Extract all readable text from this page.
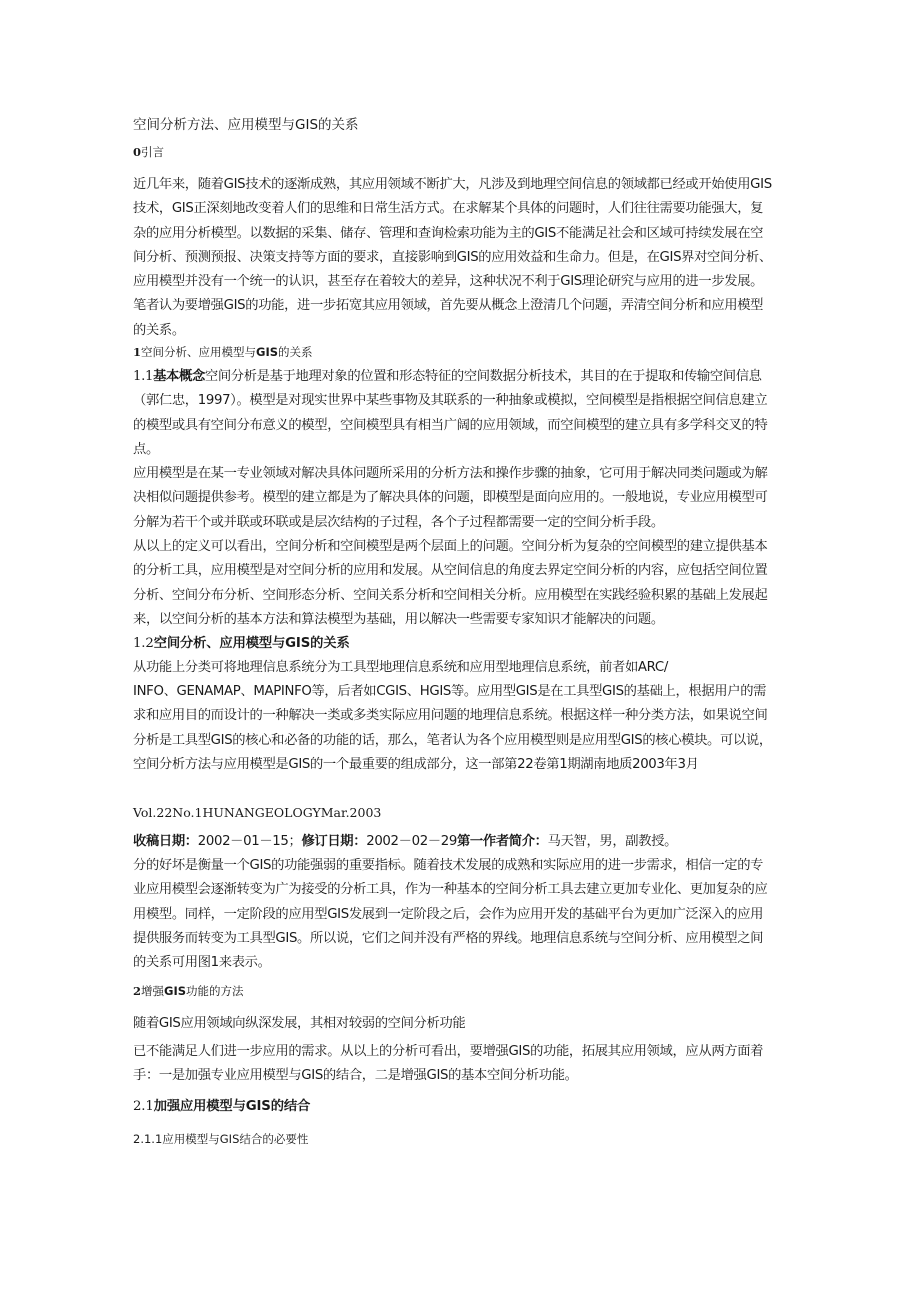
空间分析方法、应用模型与GIS的关系

0引言

近几年来，随着GIS技术的逐渐成熟，其应用领域不断扩大，凡涉及到地理空间信息的领域都已经或开始使用GIS技术，GIS正深刻地改变着人们的思维和日常生活方式。在求解某个具体的问题时，人们往往需要功能强大，复杂的应用分析模型。以数据的采集、储存、管理和查询检索功能为主的GIS不能满足社会和区域可持续发展在空间分析、预测预报、决策支持等方面的要求，直接影响到GIS的应用效益和生命力。但是，在GIS界对空间分析、应用模型并没有一个统一的认识，甚至存在着较大的差异，这种状况不利于GIS理论研究与应用的进一步发展。笔者认为要增强GIS的功能，进一步拓宽其应用领域，首先要从概念上澄清几个问题，弄清空间分析和应用模型的关系。

1空间分析、应用模型与GIS的关系

1.1基本概念空间分析是基于地理对象的位置和形态特征的空间数据分析技术，其目的在于提取和传输空间信息（郭仁忠，1997）。模型是对现实世界中某些事物及其联系的一种抽象或模拟，空间模型是指根据空间信息建立的模型或具有空间分布意义的模型，空间模型具有相当广阔的应用领域，而空间模型的建立具有多学科交叉的特点。

应用模型是在某一专业领域对解决具体问题所采用的分析方法和操作步骤的抽象，它可用于解决同类问题或为解决相似问题提供参考。模型的建立都是为了解决具体的问题，即模型是面向应用的。一般地说，专业应用模型可分解为若干个或并联或环联或是层次结构的子过程，各个子过程都需要一定的空间分析手段。

从以上的定义可以看出，空间分析和空间模型是两个层面上的问题。空间分析为复杂的空间模型的建立提供基本的分析工具，应用模型是对空间分析的应用和发展。从空间信息的角度去界定空间分析的内容，应包括空间位置分析、空间分布分析、空间形态分析、空间关系分析和空间相关分析。应用模型在实践经验积累的基础上发展起来，以空间分析的基本方法和算法模型为基础，用以解决一些需要专家知识才能解决的问题。

1.2空间分析、应用模型与GIS的关系

从功能上分类可将地理信息系统分为工具型地理信息系统和应用型地理信息系统，前者如ARC/

INFO、GENAMAP、MAPINFO等，后者如CGIS、HGIS等。应用型GIS是在工具型GIS的基础上，根据用户的需求和应用目的而设计的一种解决一类或多类实际应用问题的地理信息系统。根据这样一种分类方法，如果说空间分析是工具型GIS的核心和必备的功能的话，那么，笔者认为各个应用模型则是应用型GIS的核心模块。可以说，空间分析方法与应用模型是GIS的一个最重要的组成部分，这一部第22卷第1期湖南地质2003年3月

Vol.22No.1HUNANGEOLOGYMar.2003

收稿日期：2002－01－15；修订日期：2002－02－29第一作者简介：马天智，男，副教授。

分的好坏是衡量一个GIS的功能强弱的重要指标。随着技术发展的成熟和实际应用的进一步需求，相信一定的专业应用模型会逐渐转变为广为接受的分析工具，作为一种基本的空间分析工具去建立更加专业化、更加复杂的应用模型。同样，一定阶段的应用型GIS发展到一定阶段之后，会作为应用开发的基础平台为更加广泛深入的应用提供服务而转变为工具型GIS。所以说，它们之间并没有严格的界线。地理信息系统与空间分析、应用模型之间的关系可用图1来表示。

2增强GIS功能的方法

随着GIS应用领域向纵深发展，其相对较弱的空间分析功能

已不能满足人们进一步应用的需求。从以上的分析可看出，要增强GIS的功能，拓展其应用领域，应从两方面着手：一是加强专业应用模型与GIS的结合，二是增强GIS的基本空间分析功能。

2.1加强应用模型与GIS的结合

2.1.1应用模型与GIS结合的必要性
